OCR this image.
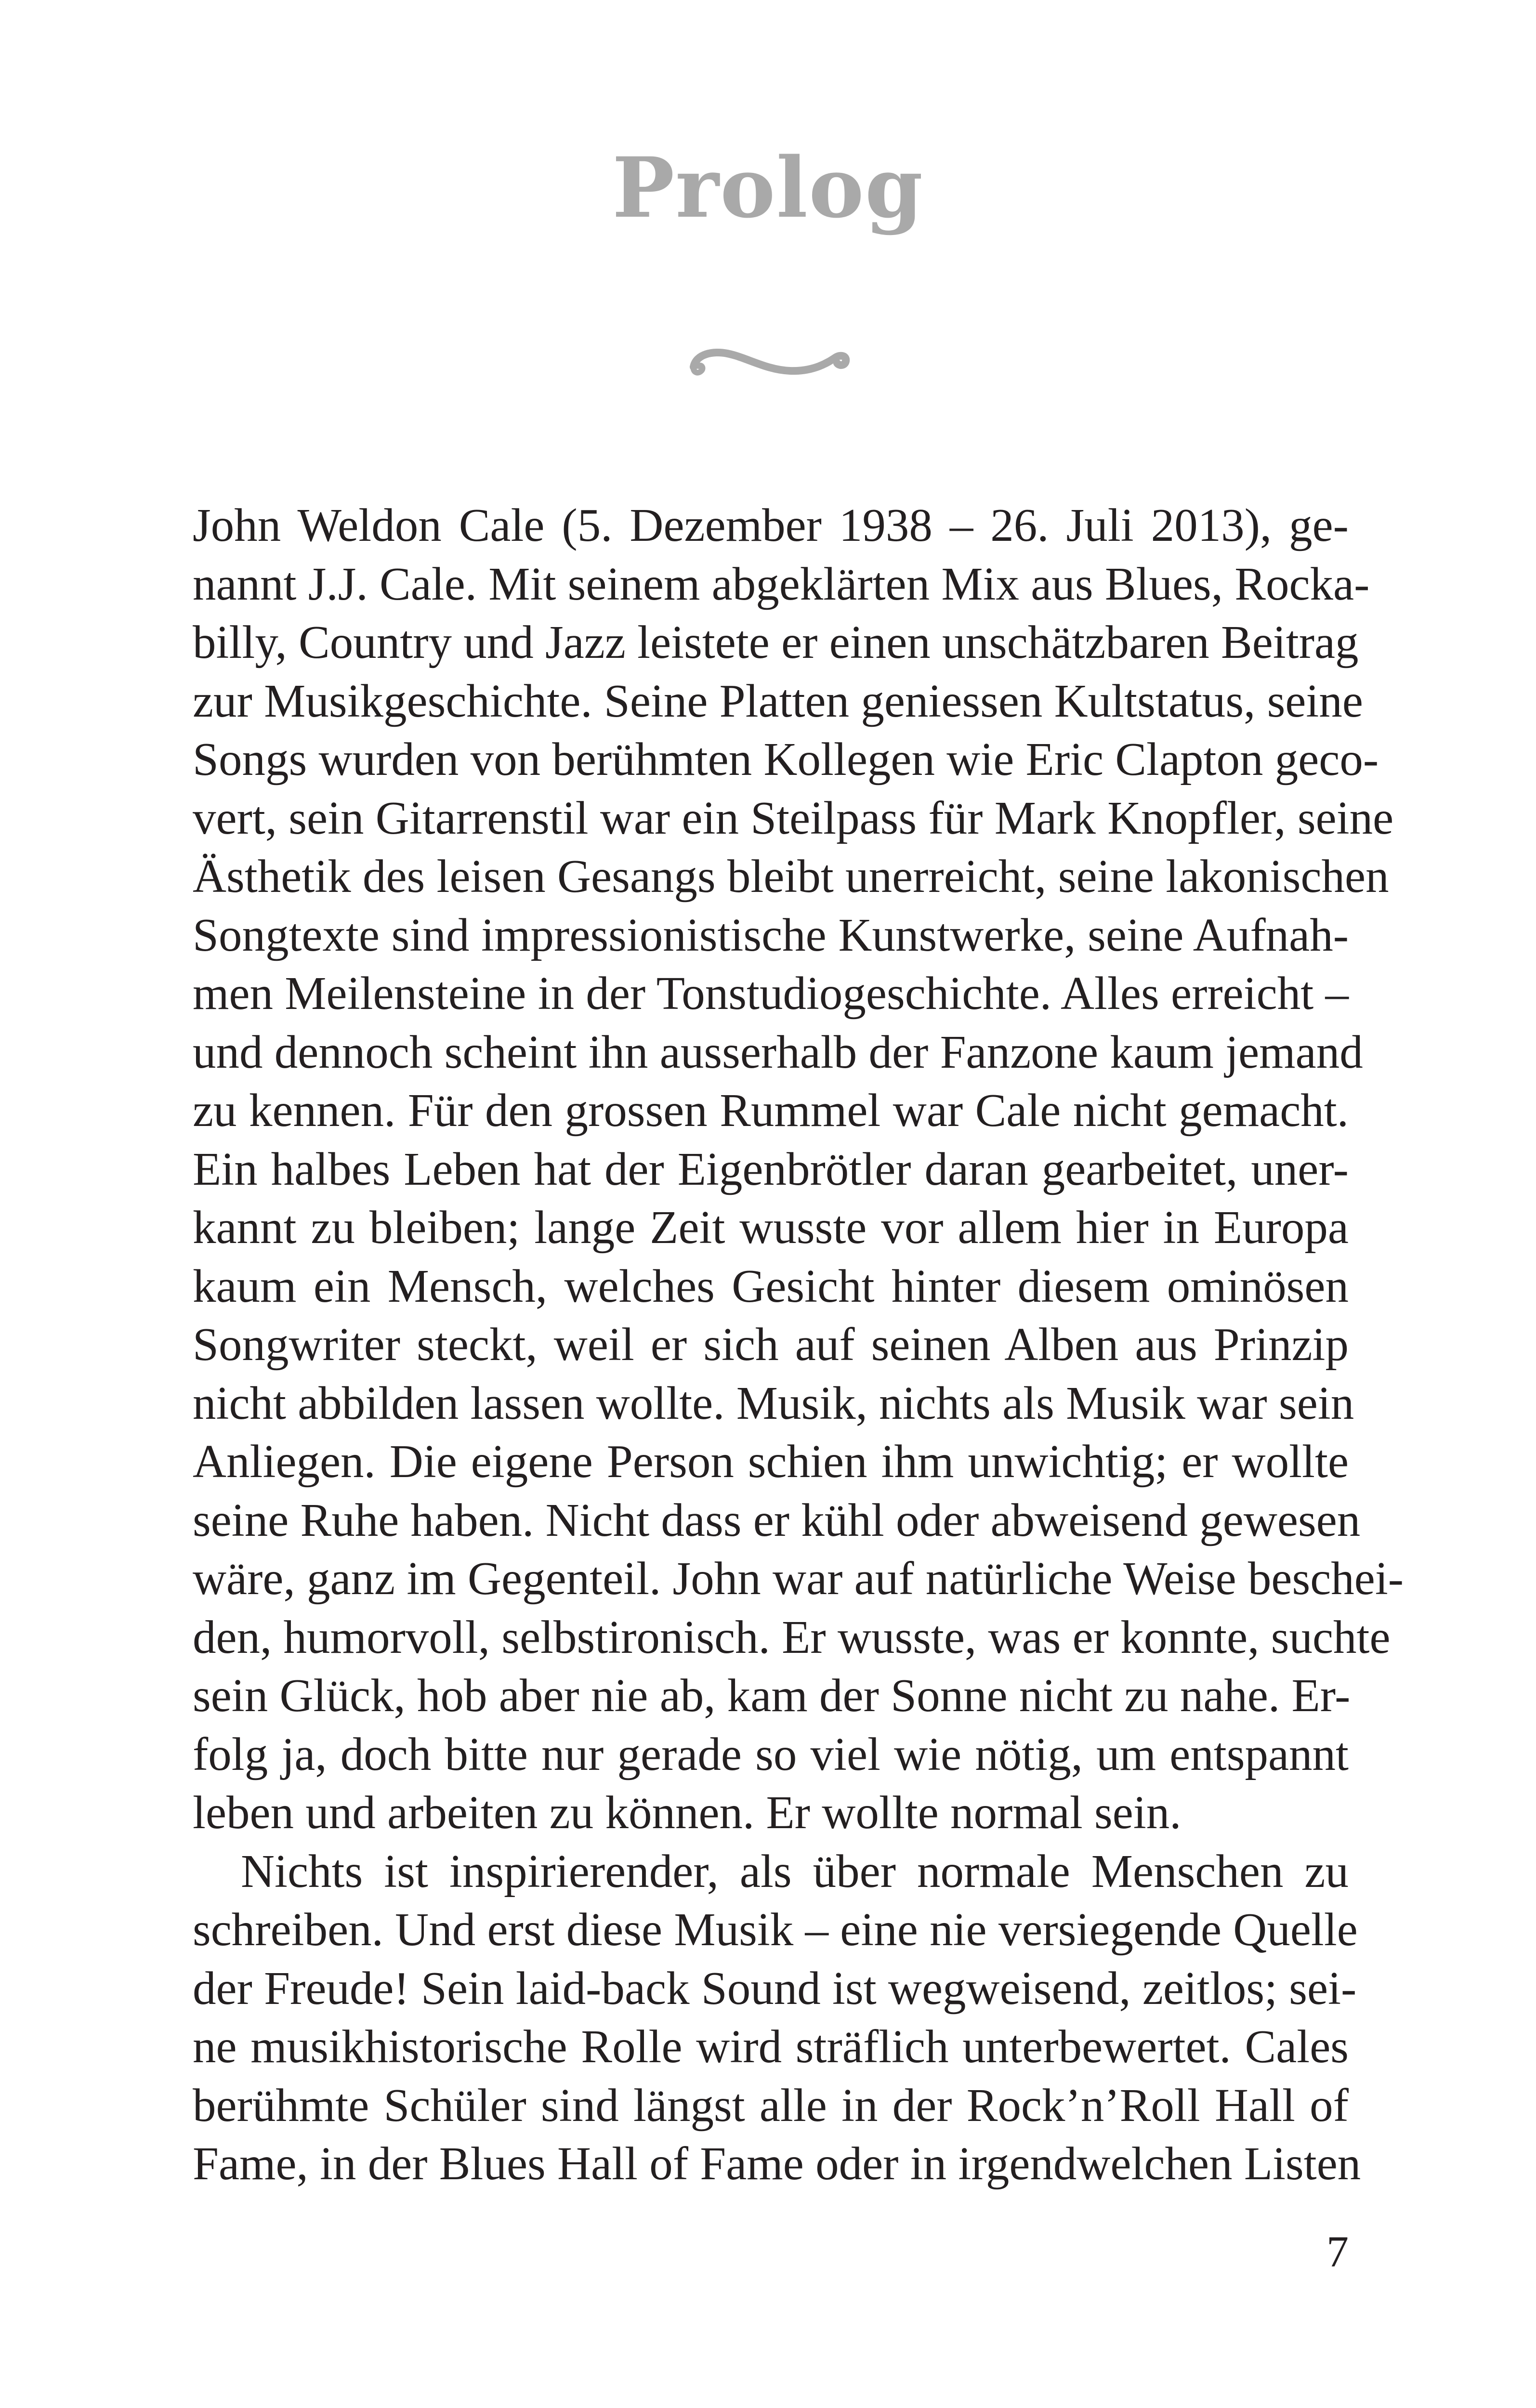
Prolog
John Weldon Cale (5. Dezember 1938 – 26. Juli 2013), ge-
nannt J.J. Cale. Mit seinem abgeklärten Mix aus Blues, Rocka-
billy, Country und Jazz leistete er einen unschätzbaren Beitrag
zur Musikgeschichte. Seine Platten geniessen Kultstatus, seine
Songs wurden von berühmten Kollegen wie Eric Clapton geco-
vert, sein Gitarrenstil war ein Steilpass für Mark Knopfler, seine
Ästhetik des leisen Gesangs bleibt unerreicht, seine lakonischen
Songtexte sind impressionistische Kunstwerke, seine Aufnah-
men Meilensteine in der Tonstudiogeschichte. Alles erreicht –
und dennoch scheint ihn ausserhalb der Fanzone kaum jemand
zu kennen. Für den grossen Rummel war Cale nicht gemacht.
Ein halbes Leben hat der Eigenbrötler daran gearbeitet, uner-
kannt zu bleiben; lange Zeit wusste vor allem hier in Europa
kaum ein Mensch, welches Gesicht hinter diesem ominösen
Songwriter steckt, weil er sich auf seinen Alben aus Prinzip
nicht abbilden lassen wollte. Musik, nichts als Musik war sein
Anliegen. Die eigene Person schien ihm unwichtig; er wollte
seine Ruhe haben. Nicht dass er kühl oder abweisend gewesen
wäre, ganz im Gegenteil. John war auf natürliche Weise beschei-
den, humorvoll, selbstironisch. Er wusste, was er konnte, suchte
sein Glück, hob aber nie ab, kam der Sonne nicht zu nahe. Er-
folg ja, doch bitte nur gerade so viel wie nötig, um entspannt
leben und arbeiten zu können. Er wollte normal sein.
Nichts ist inspirierender, als über normale Menschen zu
schreiben. Und erst diese Musik – eine nie versiegende Quelle
der Freude! Sein laid-back Sound ist wegweisend, zeitlos; sei-
ne musikhistorische Rolle wird sträflich unterbewertet. Cales
berühmte Schüler sind längst alle in der Rock’n’Roll Hall of
Fame, in der Blues Hall of Fame oder in irgendwelchen Listen
7
